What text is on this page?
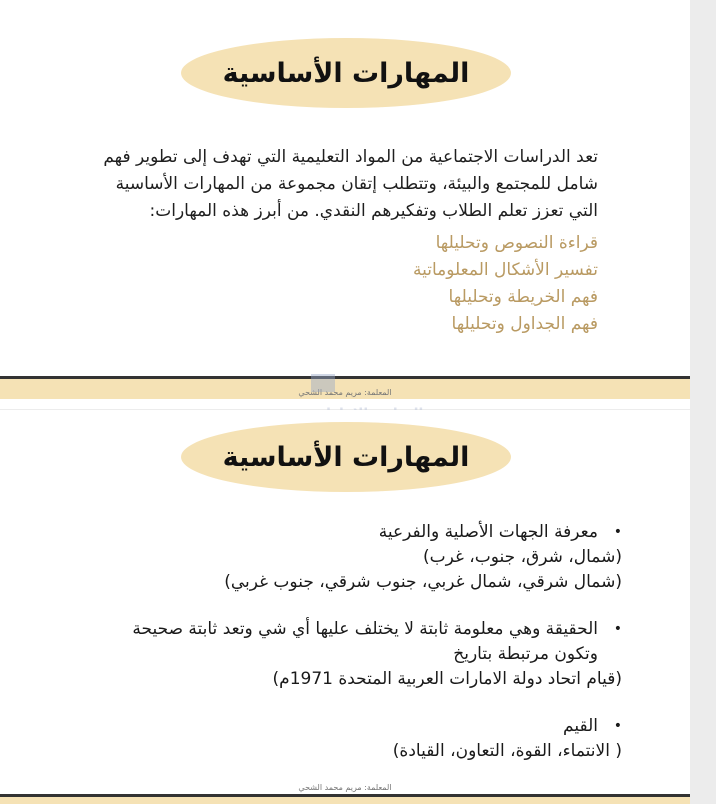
المهارات الأساسية
تعد الدراسات الاجتماعية من المواد التعليمية التي تهدف إلى تطوير فهم
شامل للمجتمع والبيئة، وتتطلب إتقان مجموعة من المهارات الأساسية
التي تعزز تعلم الطلاب وتفكيرهم النقدي. من أبرز هذه المهارات:
قراءة النصوص وتحليلها
تفسير الأشكال المعلوماتية
فهم الخريطة وتحليلها
فهم الجداول وتحليلها
المعلمة: مريم محمد الشحي
المهارات الأساسية
•
معرفة الجهات الأصلية والفرعية
(شمال، شرق، جنوب، غرب)
(شمال شرقي، شمال غربي، جنوب شرقي، جنوب غربي)
•
الحقيقة وهي معلومة ثابتة لا يختلف عليها أي شي وتعد ثابتة صحيحة
وتكون مرتبطة بتاريخ
(قيام اتحاد دولة الامارات العربية المتحدة 1971م)
•
القيم
( الانتماء، القوة، التعاون، القيادة)
المعلمة: مريم محمد الشحي
